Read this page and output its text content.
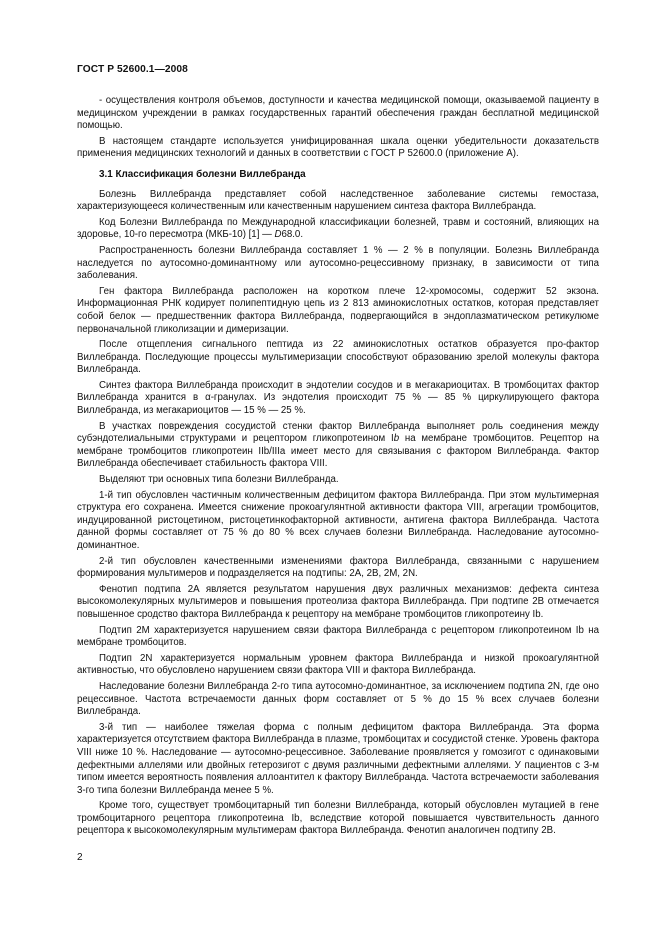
ГОСТ Р 52600.1—2008

- осуществления контроля объемов, доступности и качества медицинской помощи, оказываемой пациенту в медицинском учреждении в рамках государственных гарантий обеспечения граждан бесплатной медицинской помощью.

В настоящем стандарте используется унифицированная шкала оценки убедительности доказательств применения медицинских технологий и данных в соответствии с ГОСТ Р 52600.0 (приложение А).

3.1 Классификация болезни Виллебранда

Болезнь Виллебранда представляет собой наследственное заболевание системы гемостаза, характеризующееся количественным или качественным нарушением синтеза фактора Виллебранда.

Код Болезни Виллебранда по Международной классификации болезней, травм и состояний, влияющих на здоровье, 10-го пересмотра (МКБ-10) [1] — D68.0.

Распространенность болезни Виллебранда составляет 1 % — 2 % в популяции. Болезнь Виллебранда наследуется по аутосомно-доминантному или аутосомно-рецессивному признаку, в зависимости от типа заболевания.

Ген фактора Виллебранда расположен на коротком плече 12-хромосомы, содержит 52 экзона. Информационная РНК кодирует полипептидную цепь из 2 813 аминокислотных остатков, которая представляет собой белок — предшественник фактора Виллебранда, подвергающийся в эндоплазматическом ретикулюме первоначальной гликолизации и димеризации.

После отщепления сигнального пептида из 22 аминокислотных остатков образуется про-фактор Виллебранда. Последующие процессы мультимеризации способствуют образованию зрелой молекулы фактора Виллебранда.

Синтез фактора Виллебранда происходит в эндотелии сосудов и в мегакариоцитах. В тромбоцитах фактор Виллебранда хранится в α-гранулах. Из эндотелия происходит 75 % — 85 % циркулирующего фактора Виллебранда, из мегакариоцитов — 15 % — 25 %.

В участках повреждения сосудистой стенки фактор Виллебранда выполняет роль соединения между субэндотелиальными структурами и рецептором гликопротеином Ib на мембране тромбоцитов. Рецептор на мембране тромбоцитов гликопротеин IIb/IIIa имеет место для связывания с фактором Виллебранда. Фактор Виллебранда обеспечивает стабильность фактора VIII.

Выделяют три основных типа болезни Виллебранда.

1-й тип обусловлен частичным количественным дефицитом фактора Виллебранда. При этом мультимерная структура его сохранена. Имеется снижение прокоагулянтной активности фактора VIII, агрегации тромбоцитов, индуцированной ристоцетином, ристоцетинкофакторной активности, антигена фактора Виллебранда. Частота данной формы составляет от 75 % до 80 % всех случаев болезни Виллебранда. Наследование аутосомно-доминантное.

2-й тип обусловлен качественными изменениями фактора Виллебранда, связанными с нарушением формирования мультимеров и подразделяется на подтипы: 2A, 2B, 2M, 2N.

Фенотип подтипа 2A является результатом нарушения двух различных механизмов: дефекта синтеза высокомолекулярных мультимеров и повышения протеолиза фактора Виллебранда. При подтипе 2B отмечается повышенное сродство фактора Виллебранда к рецептору на мембране тромбоцитов гликопротеину Ib.

Подтип 2M характеризуется нарушением связи фактора Виллебранда с рецептором гликопротеином Ib на мембране тромбоцитов.

Подтип 2N характеризуется нормальным уровнем фактора Виллебранда и низкой прокоагулянтной активностью, что обусловлено нарушением связи фактора VIII и фактора Виллебранда.

Наследование болезни Виллебранда 2-го типа аутосомно-доминантное, за исключением подтипа 2N, где оно рецессивное. Частота встречаемости данных форм составляет от 5 % до 15 % всех случаев болезни Виллебранда.

3-й тип — наиболее тяжелая форма с полным дефицитом фактора Виллебранда. Эта форма характеризуется отсутствием фактора Виллебранда в плазме, тромбоцитах и сосудистой стенке. Уровень фактора VIII ниже 10 %. Наследование — аутосомно-рецессивное. Заболевание проявляется у гомозигот с одинаковыми дефектными аллелями или двойных гетерозигот с двумя различными дефектными аллелями. У пациентов с 3-м типом имеется вероятность появления аллоантител к фактору Виллебранда. Частота встречаемости заболевания 3-го типа болезни Виллебранда менее 5 %.

Кроме того, существует тромбоцитарный тип болезни Виллебранда, который обусловлен мутацией в гене тромбоцитарного рецептора гликопротеина Ib, вследствие которой повышается чувствительность данного рецептора к высокомолекулярным мультимерам фактора Виллебранда. Фенотип аналогичен подтипу 2B.

2
